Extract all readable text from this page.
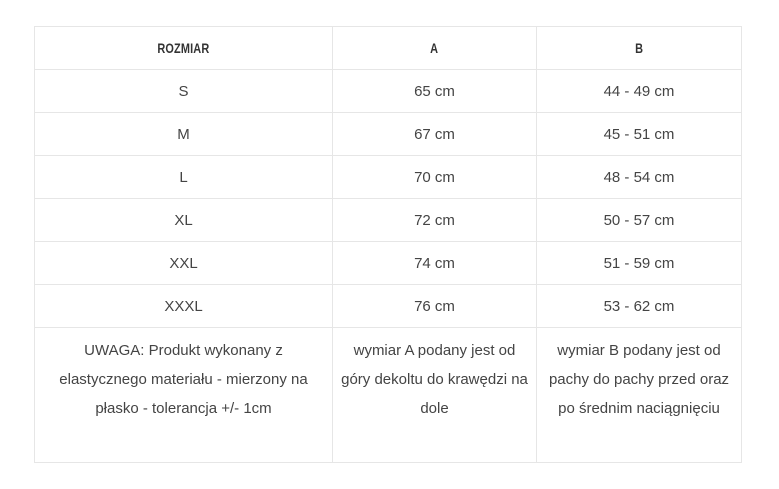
ROZMIAR	A	B
S	65 cm	44 - 49 cm
M	67 cm	45 - 51 cm
L	70 cm	48 - 54 cm
XL	72 cm	50 - 57 cm
XXL	74 cm	51 - 59 cm
XXXL	76 cm	53 - 62 cm
UWAGA: Produkt wykonany z elastycznego materiału - mierzony na płasko - tolerancja +/- 1cm	wymiar A podany jest od góry dekoltu do krawędzi na dole	wymiar B podany jest od pachy do pachy przed oraz po średnim naciągnięciu
